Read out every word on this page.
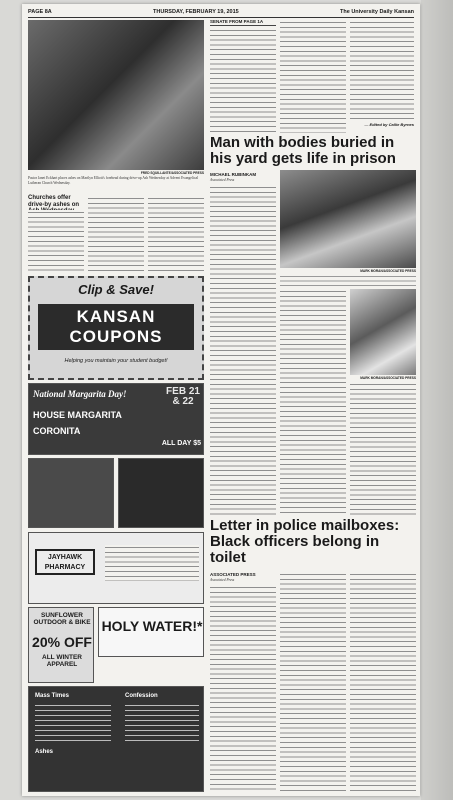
PAGE 8A	THURSDAY, FEBRUARY 19, 2015	The University Daily Kansan
FRED SQUILLANTE/ASSOCIATED PRESS
Pastor Janet Eckhart places ashes on Marilyn Elliott's forehead during drive-up Ash Wednesday at Advent Evangelical Lutheran Church Wednesday.
Churches offer drive-by ashes on
SENATE FROM PAGE 1A
— Edited by Callie Byrnes
Man with bodies buried in his yard gets life in prison
MICHAEL RUBINKAM
Associated Press
MARK MORAN/ASSOCIATED PRESS
MARK MORAN/ASSOCIATED PRESS
Clip & Save!
KANSAN
COUPONS
Helping you maintain your student budget!
National Margarita Day!	FEB 21 & 22
HOUSE MARGARITA
CORONITA
ALL DAY $5
JAYHAWK PHARMACY
SUNFLOWER OUTDOOR & BIKE
20% OFF
ALL WINTER APPAREL
HOLY WATER!*
Mass Times	Confession
Ashes
Letter in police mailboxes: Black officers belong in toilet
ASSOCIATED PRESS
Associated Press
